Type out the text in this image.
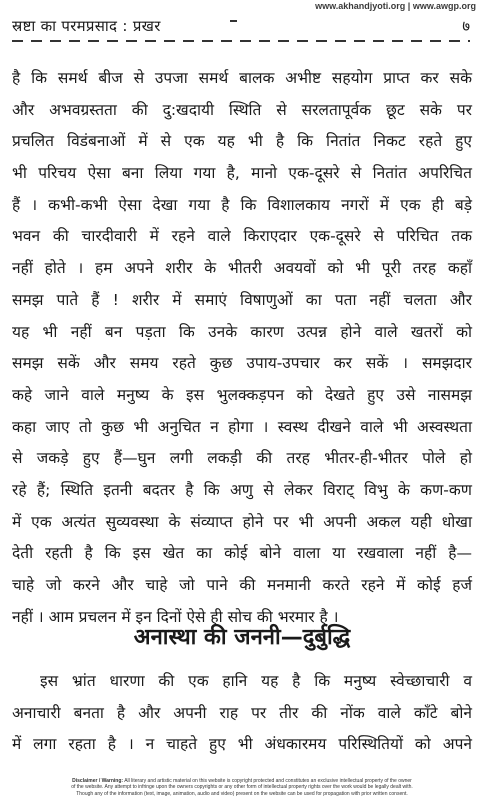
www.akhandjyoti.org | www.awgp.org
स्रष्टा का परमप्रसाद : प्रखर	७
है कि समर्थ बीज से उपजा समर्थ बालक अभीष्ट सहयोग प्राप्त कर सके
और अभवग्रस्तता की दु:खदायी स्थिति से सरलतापूर्वक छूट सके पर
प्रचलित विडंबनाओं में से एक यह भी है कि नितांत निकट रहते हुए
भी परिचय ऐसा बना लिया गया है, मानो एक-दूसरे से नितांत अपरिचित
हैं । कभी-कभी ऐसा देखा गया है कि विशालकाय नगरों में एक ही बड़े
भवन की चारदीवारी में रहने वाले किराएदार एक-दूसरे से परिचित तक
नहीं होते । हम अपने शरीर के भीतरी अवयवों को भी पूरी तरह कहाँ
समझ पाते हैं ! शरीर में समाएं विषाणुओं का पता नहीं चलता और
यह भी नहीं बन पड़ता कि उनके कारण उत्पन्न होने वाले खतरों को
समझ सकें और समय रहते कुछ उपाय-उपचार कर सकें । समझदार
कहे जाने वाले मनुष्य के इस भुलक्कड़पन को देखते हुए उसे नासमझ
कहा जाए तो कुछ भी अनुचित न होगा । स्वस्थ दीखने वाले भी अस्वस्थता
से जकड़े हुए हैं—घुन लगी लकड़ी की तरह भीतर-ही-भीतर पोले हो
रहे हैं; स्थिति इतनी बदतर है कि अणु से लेकर विराट् विभु के कण-कण
में एक अत्यंत सुव्यवस्था के संव्याप्त होने पर भी अपनी अकल यही धोखा
देती रहती है कि इस खेत का कोई बोने वाला या रखवाला नहीं है—
चाहे जो करने और चाहे जो पाने की मनमानी करते रहने में कोई हर्ज
नहीं । आम प्रचलन में इन दिनों ऐसे ही सोच की भरमार है ।
अनास्था की जननी—दुर्बुद्धि
इस भ्रांत धारणा की एक हानि यह है कि मनुष्य स्वेच्छाचारी व
अनाचारी बनता है और अपनी राह पर तीर की नोंक वाले काँटे बोने
में लगा रहता है । न चाहते हुए भी अंधकारमय परिस्थितियों को अपने
Disclaimer / Warning: All literary and artistic material on this website is copyright protected and constitutes an exclusive intellectual property of the owner
of the website. Any attempt to infringe upon the owners copyrights or any other form of intellectual property rights over the work would be legally dealt with.
Though any of the information (text, image, animation, audio and video) present on the website can be used for propagation with prior written consent.
